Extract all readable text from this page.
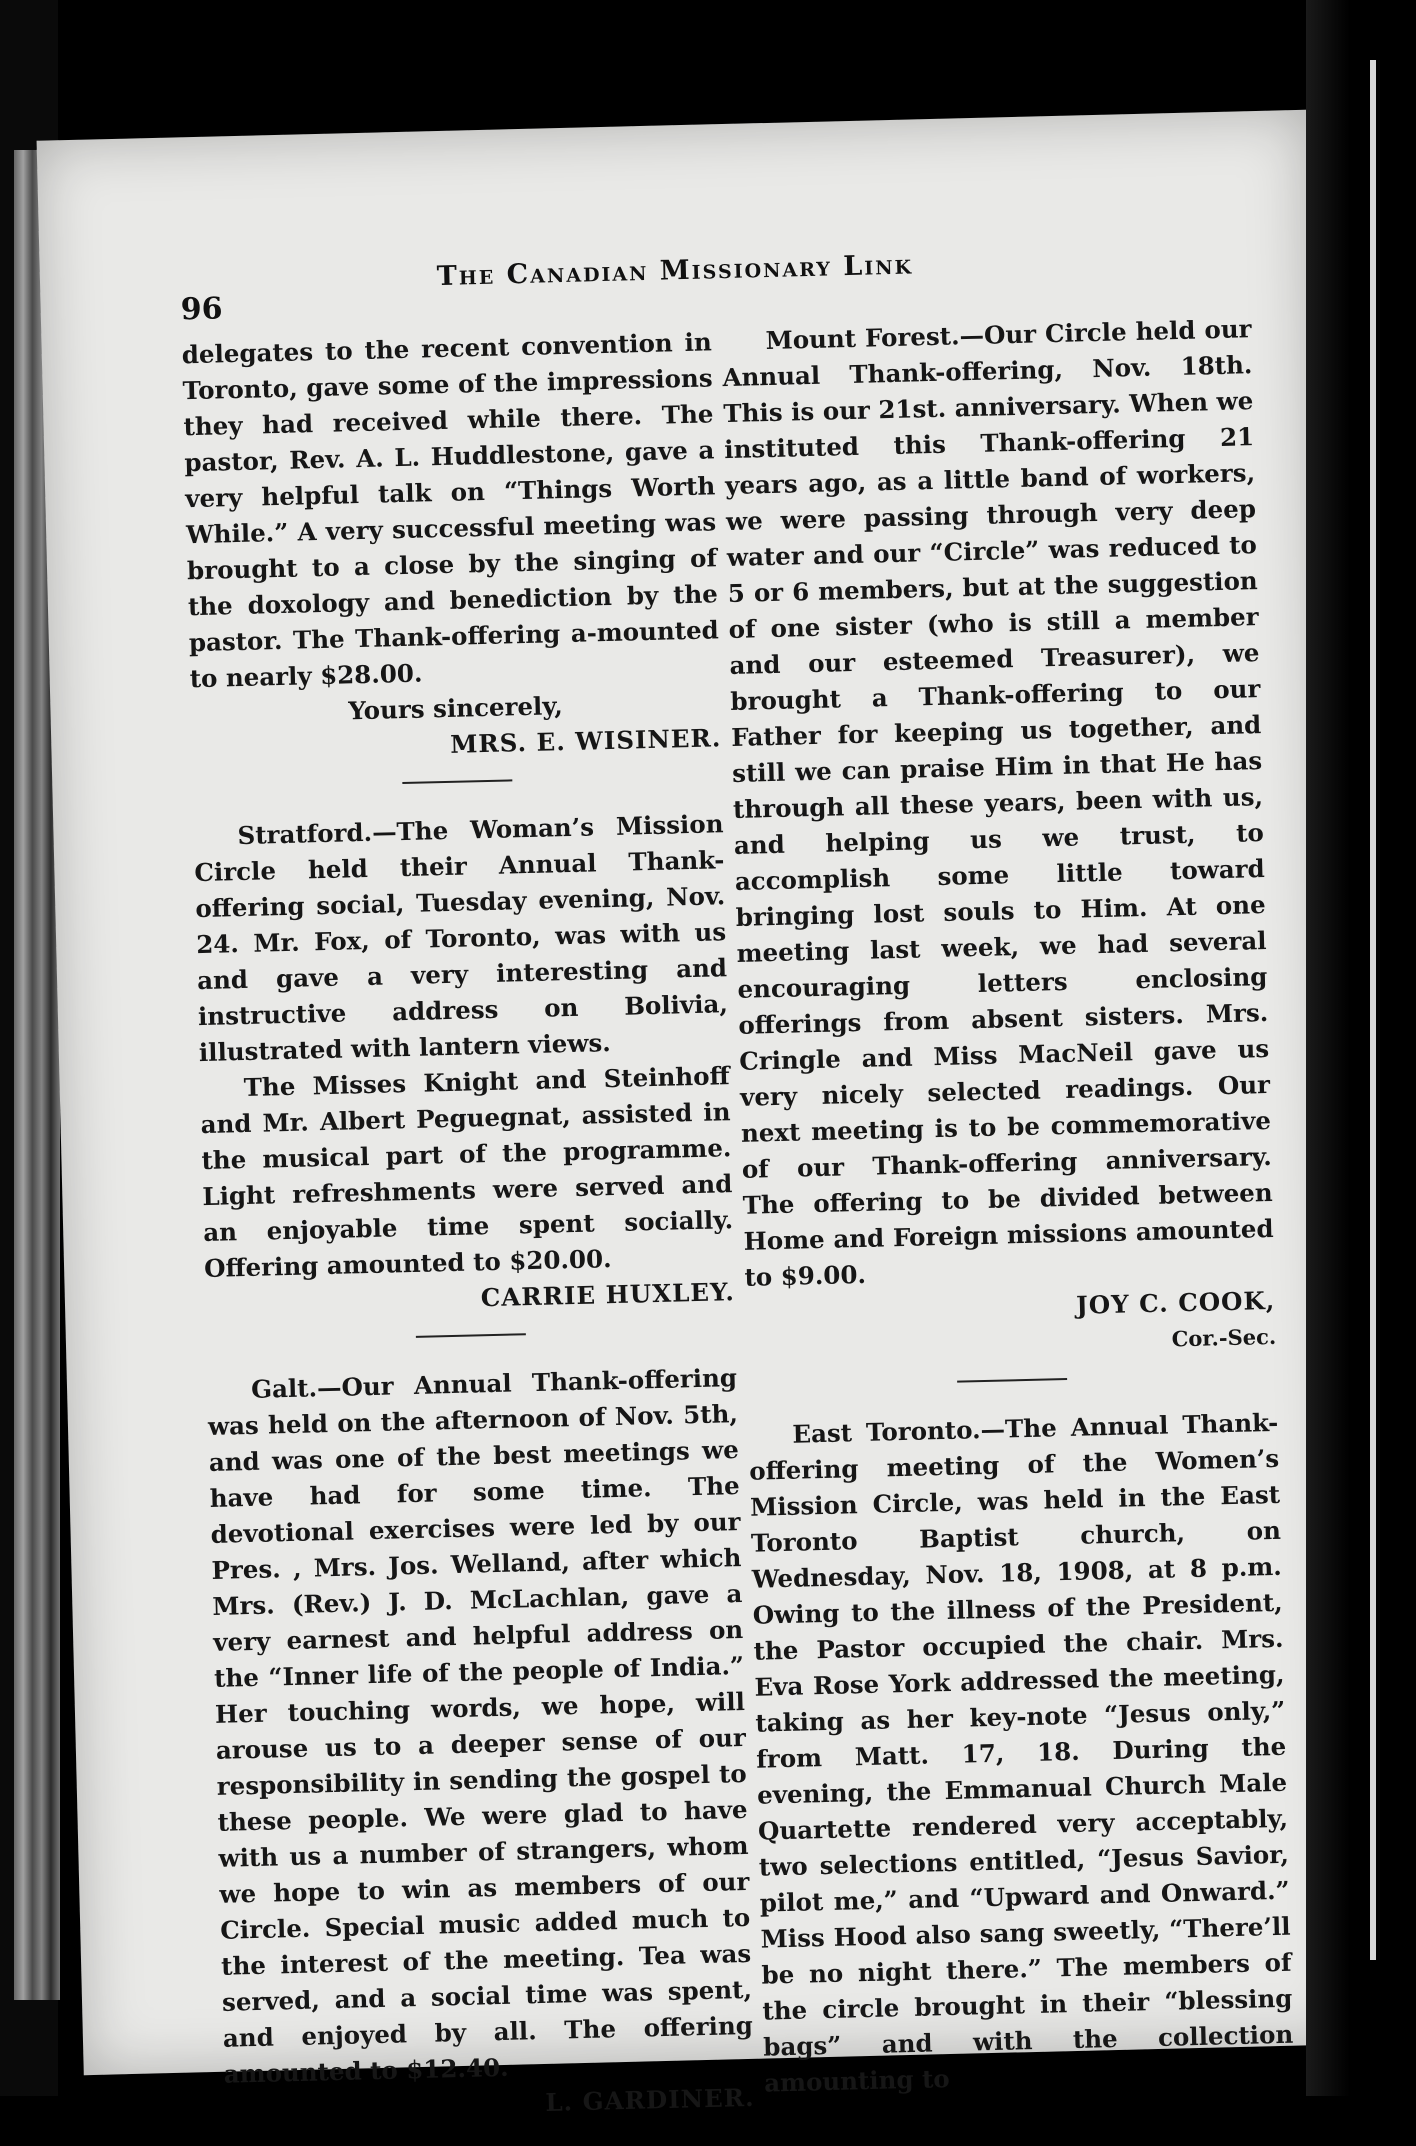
96
The Canadian Missionary Link

delegates to the recent convention in Toronto, gave some of the impressions they had received while there. The pastor, Rev. A. L. Huddlestone, gave a very helpful talk on “Things Worth While.” A very successful meeting was brought to a close by the singing of the doxology and benediction by the pastor. The Thank-offering a-mounted to nearly $28.00.

Yours sincerely,

MRS. E. WISINER.

Stratford.—The Woman’s Mission Circle held their Annual Thank-offering social, Tuesday evening, Nov. 24. Mr. Fox, of Toronto, was with us and gave a very interesting and instructive address on Bolivia, illustrated with lantern views.

The Misses Knight and Steinhoff and Mr. Albert Peguegnat, assisted in the musical part of the programme. Light refreshments were served and an enjoyable time spent socially. Offering amounted to $20.00.

CARRIE HUXLEY.

Galt.—Our Annual Thank-offering was held on the afternoon of Nov. 5th, and was one of the best meetings we have had for some time. The devotional exercises were led by our Pres. , Mrs. Jos. Welland, after which Mrs. (Rev.) J. D. McLachlan, gave a very earnest and helpful address on the “Inner life of the people of India.” Her touching words, we hope, will arouse us to a deeper sense of our responsibility in sending the gospel to these people. We were glad to have with us a number of strangers, whom we hope to win as members of our Circle. Special music added much to the interest of the meeting. Tea was served, and a social time was spent, and enjoyed by all. The offering amounted to $12.40.

L. GARDINER.

Mount Forest.—Our Circle held our Annual Thank-offering, Nov. 18th. This is our 21st. anniversary. When we instituted this Thank-offering 21 years ago, as a little band of workers, we were passing through very deep water and our “Circle” was reduced to 5 or 6 members, but at the suggestion of one sister (who is still a member and our esteemed Treasurer), we brought a Thank-offering to our Father for keeping us together, and still we can praise Him in that He has through all these years, been with us, and helping us we trust, to accomplish some little toward bringing lost souls to Him. At one meeting last week, we had several encouraging letters enclosing offerings from absent sisters. Mrs. Cringle and Miss MacNeil gave us very nicely selected readings. Our next meeting is to be commemorative of our Thank-offering anniversary. The offering to be divided between Home and Foreign missions amounted to $9.00.

JOY C. COOK,

Cor.-Sec.

East Toronto.—The Annual Thank-offering meeting of the Women’s Mission Circle, was held in the East Toronto Baptist church, on Wednesday, Nov. 18, 1908, at 8 p.m. Owing to the illness of the President, the Pastor occupied the chair. Mrs. Eva Rose York addressed the meeting, taking as her key-note “Jesus only,” from Matt. 17, 18. During the evening, the Emmanual Church Male Quartette rendered very acceptably, two selections entitled, “Jesus Savior, pilot me,” and “Upward and Onward.” Miss Hood also sang sweetly, “There’ll be no night there.” The members of the circle brought in their “blessing bags” and with the collection amounting to
